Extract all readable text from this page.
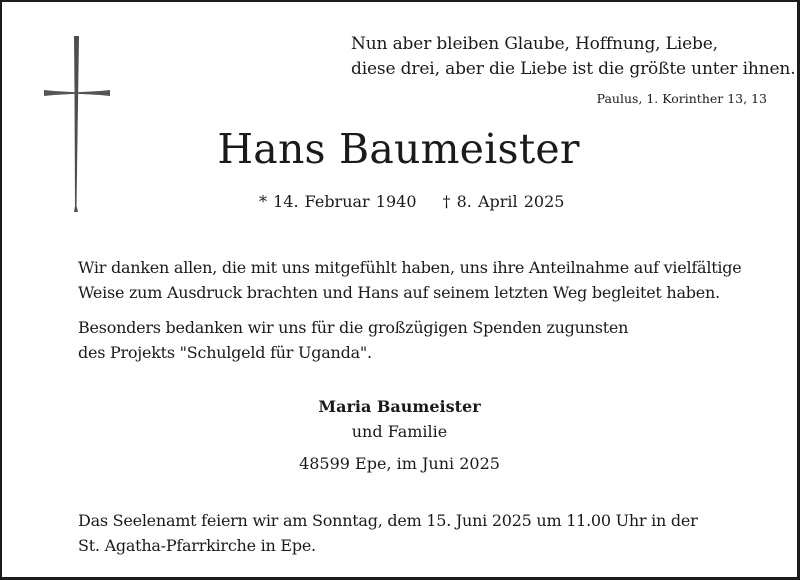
Nun aber bleiben Glaube, Hoffnung, Liebe,
diese drei, aber die Liebe ist die größte unter ihnen.
Paulus, 1. Korinther 13, 13
Hans Baumeister
* 14. Februar 1940 † 8. April 2025
Wir danken allen, die mit uns mitgefühlt haben, uns ihre Anteilnahme auf vielfältige
Weise zum Ausdruck brachten und Hans auf seinem letzten Weg begleitet haben.
Besonders bedanken wir uns für die großzügigen Spenden zugunsten
des Projekts "Schulgeld für Uganda".
Maria Baumeister
und Familie
48599 Epe, im Juni 2025
Das Seelenamt feiern wir am Sonntag, dem 15. Juni 2025 um 11.00 Uhr in der
St. Agatha-Pfarrkirche in Epe.
